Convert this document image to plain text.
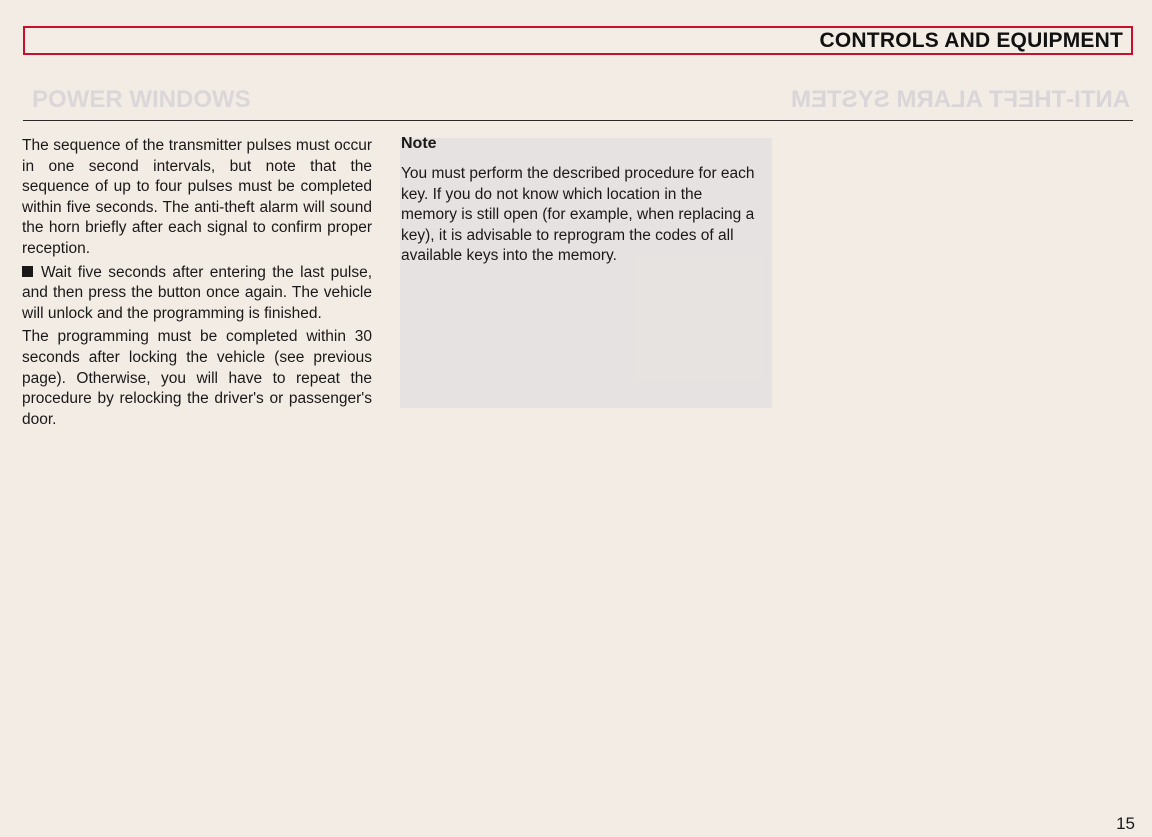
POWER WINDOWS	ANTI-THEFT ALARM SYSTEM
CONTROLS AND EQUIPMENT

The sequence of the transmitter pulses must occur in one second intervals, but note that the sequence of up to four pulses must be completed within five seconds. The anti-theft alarm will sound the horn briefly after each signal to confirm proper reception.

Wait five seconds after entering the last pulse, and then press the button once again. The vehicle will unlock and the programming is finished.

The programming must be completed within 30 seconds after locking the vehicle (see previous page). Otherwise, you will have to repeat the procedure by relocking the driver's or passenger's door.

Note

You must perform the described procedure for each key. If you do not know which location in the memory is still open (for example, when replacing a key), it is advisable to reprogram the codes of all available keys into the memory.

15
